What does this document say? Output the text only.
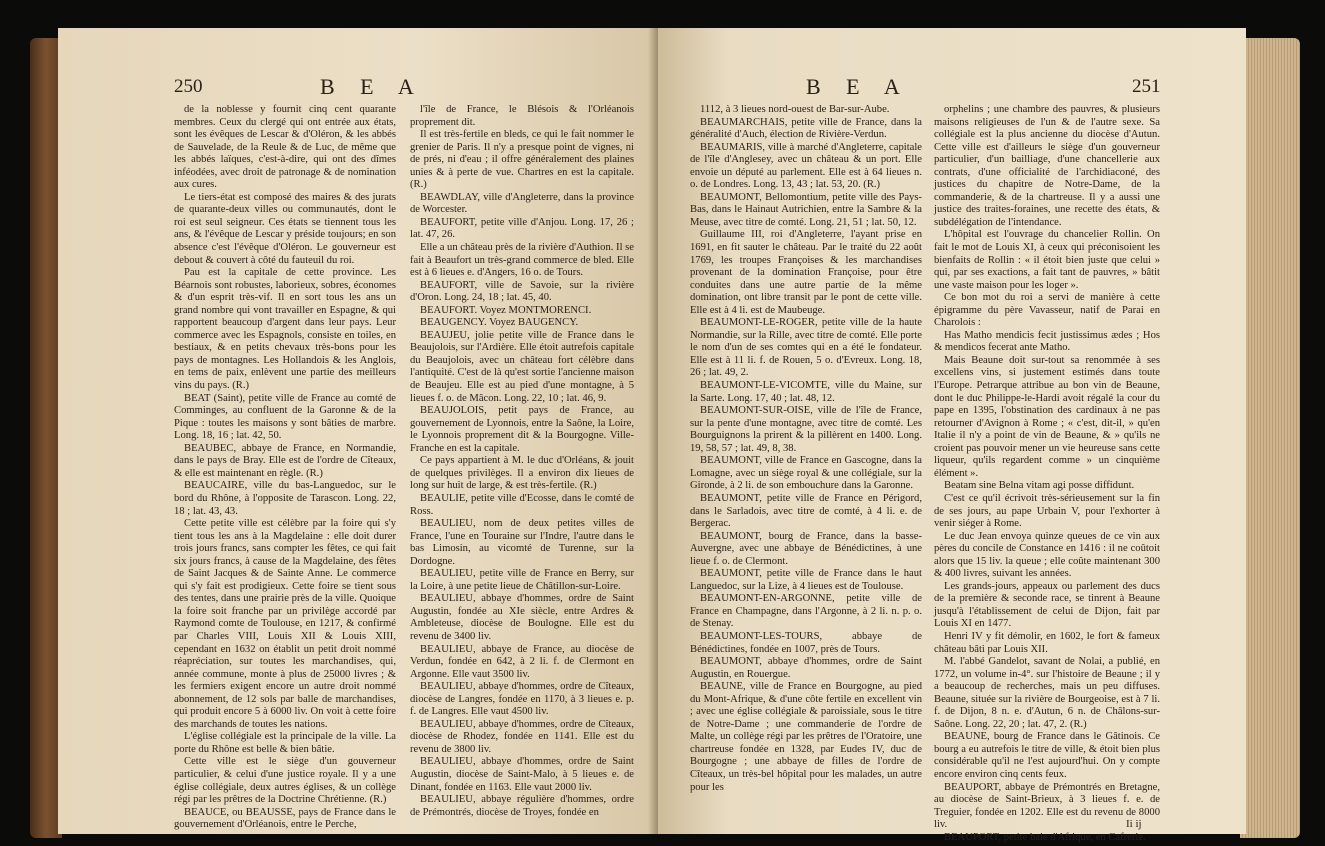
250	B E A

de la noblesse y fournit cinq cent quarante membres. Ceux du clergé qui ont entrée aux états, sont les évêques de Lescar & d'Oléron, & les abbés de Sauvelade, de la Reule & de Luc, de même que les abbés laïques, c'est-à-dire, qui ont des dîmes inféodées, avec droit de patronage & de nomination aux cures.

Le tiers-état est composé des maires & des jurats de quarante-deux villes ou communautés, dont le roi est seul seigneur. Ces états se tiennent tous les ans, & l'évêque de Lescar y préside toujours; en son absence c'est l'évêque d'Oléron. Le gouverneur est debout & couvert à côté du fauteuil du roi.

Pau est la capitale de cette province. Les Béarnois sont robustes, laborieux, sobres, économes & d'un esprit très-vif. Il en sort tous les ans un grand nombre qui vont travailler en Espagne, & qui rapportent beaucoup d'argent dans leur pays. Leur commerce avec les Espagnols, consiste en toiles, en bestiaux, & en petits chevaux très-bons pour les pays de montagnes. Les Hollandois & les Anglois, en tems de paix, enlèvent une partie des meilleurs vins du pays. (R.)

BEAT (Saint), petite ville de France au comté de Comminges, au confluent de la Garonne & de la Pique : toutes les maisons y sont bâties de marbre. Long. 18, 16 ; lat. 42, 50.

BEAUBEC, abbaye de France, en Normandie, dans le pays de Bray. Elle est de l'ordre de Cîteaux, & elle est maintenant en règle. (R.)

BEAUCAIRE, ville du bas-Languedoc, sur le bord du Rhône, à l'opposite de Tarascon. Long. 22, 18 ; lat. 43, 43.

Cette petite ville est célèbre par la foire qui s'y tient tous les ans à la Magdelaine : elle doit durer trois jours francs, sans compter les fêtes, ce qui fait six jours francs, à cause de la Magdelaine, des fêtes de Saint Jacques & de Sainte Anne. Le commerce qui s'y fait est prodigieux. Cette foire se tient sous des tentes, dans une prairie près de la ville. Quoique la foire soit franche par un privilège accordé par Raymond comte de Toulouse, en 1217, & confirmé par Charles VIII, Louis XII & Louis XIII, cependant en 1632 on établit un petit droit nommé réapréciation, sur toutes les marchandises, qui, année commune, monte à plus de 25000 livres ; & les fermiers exigent encore un autre droit nommé abonnement, de 12 sols par balle de marchandises, qui produit encore 5 à 6000 liv. On voit à cette foire des marchands de toutes les nations.

L'église collégiale est la principale de la ville. La porte du Rhône est belle & bien bâtie.

Cette ville est le siège d'un gouverneur particulier, & celui d'une justice royale. Il y a une église collégiale, deux autres églises, & un collège régi par les prêtres de la Doctrine Chrétienne. (R.)

BEAUCE, ou BEAUSSE, pays de France dans le gouvernement d'Orléanois, entre le Perche,

l'île de France, le Blésois & l'Orléanois proprement dit.

Il est très-fertile en bleds, ce qui le fait nommer le grenier de Paris. Il n'y a presque point de vignes, ni de prés, ni d'eau ; il offre généralement des plaines unies & à perte de vue. Chartres en est la capitale. (R.)

BEAWDLAY, ville d'Angleterre, dans la province de Worcester.

BEAUFORT, petite ville d'Anjou. Long. 17, 26 ; lat. 47, 26.

Elle a un château près de la rivière d'Authion. Il se fait à Beaufort un très-grand commerce de bled. Elle est à 6 lieues e. d'Angers, 16 o. de Tours.

BEAUFORT, ville de Savoie, sur la rivière d'Oron. Long. 24, 18 ; lat. 45, 40.

BEAUFORT. Voyez MONTMORENCI.

BEAUGENCY. Voyez BAUGENCY.

BEAUJEU, jolie petite ville de France dans le Beaujolois, sur l'Ardière. Elle étoit autrefois capitale du Beaujolois, avec un château fort célèbre dans l'antiquité. C'est de là qu'est sortie l'ancienne maison de Beaujeu. Elle est au pied d'une montagne, à 5 lieues f. o. de Mâcon. Long. 22, 10 ; lat. 46, 9.

BEAUJOLOIS, petit pays de France, au gouvernement de Lyonnois, entre la Saône, la Loire, le Lyonnois proprement dit & la Bourgogne. Ville-Franche en est la capitale.

Ce pays appartient à M. le duc d'Orléans, & jouit de quelques privilèges. Il a environ dix lieues de long sur huit de large, & est très-fertile. (R.)

BEAULIE, petite ville d'Ecosse, dans le comté de Ross.

BEAULIEU, nom de deux petites villes de France, l'une en Touraine sur l'Indre, l'autre dans le bas Limosin, au vicomté de Turenne, sur la Dordogne.

BEAULIEU, petite ville de France en Berry, sur la Loire, à une petite lieue de Châtillon-sur-Loire.

BEAULIEU, abbaye d'hommes, ordre de Saint Augustin, fondée au XIe siècle, entre Ardres & Ambleteuse, diocèse de Boulogne. Elle est du revenu de 3400 liv.

BEAULIEU, abbaye de France, au diocèse de Verdun, fondée en 642, à 2 li. f. de Clermont en Argonne. Elle vaut 3500 liv.

BEAULIEU, abbaye d'hommes, ordre de Cîteaux, diocèse de Langres, fondée en 1170, à 3 lieues e. p. f. de Langres. Elle vaut 4500 liv.

BEAULIEU, abbaye d'hommes, ordre de Cîteaux, diocèse de Rhodez, fondée en 1141. Elle est du revenu de 3800 liv.

BEAULIEU, abbaye d'hommes, ordre de Saint Augustin, diocèse de Saint-Malo, à 5 lieues e. de Dinant, fondée en 1163. Elle vaut 2000 liv.

BEAULIEU, abbaye régulière d'hommes, ordre de Prémontrés, diocèse de Troyes, fondée en

B E A	251

1112, à 3 lieues nord-ouest de Bar-sur-Aube.

BEAUMARCHAIS, petite ville de France, dans la généralité d'Auch, élection de Rivière-Verdun.

BEAUMARIS, ville à marché d'Angleterre, capitale de l'île d'Anglesey, avec un château & un port. Elle envoie un député au parlement. Elle est à 64 lieues n. o. de Londres. Long. 13, 43 ; lat. 53, 20. (R.)

BEAUMONT, Bellomontium, petite ville des Pays-Bas, dans le Hainaut Autrichien, entre la Sambre & la Meuse, avec titre de comté. Long. 21, 51 ; lat. 50, 12.

Guillaume III, roi d'Angleterre, l'ayant prise en 1691, en fit sauter le château. Par le traité du 22 août 1769, les troupes Françoises & les marchandises provenant de la domination Françoise, pour être conduites dans une autre partie de la même domination, ont libre transit par le pont de cette ville. Elle est à 4 li. est de Maubeuge.

BEAUMONT-LE-ROGER, petite ville de la haute Normandie, sur la Rille, avec titre de comté. Elle porte le nom d'un de ses comtes qui en a été le fondateur. Elle est à 11 li. f. de Rouen, 5 o. d'Evreux. Long. 18, 26 ; lat. 49, 2.

BEAUMONT-LE-VICOMTE, ville du Maine, sur la Sarte. Long. 17, 40 ; lat. 48, 12.

BEAUMONT-SUR-OISE, ville de l'île de France, sur la pente d'une montagne, avec titre de comté. Les Bourguignons la prirent & la pillèrent en 1400. Long. 19, 58, 57 ; lat. 49, 8, 38.

BEAUMONT, ville de France en Gascogne, dans la Lomagne, avec un siège royal & une collégiale, sur la Gironde, à 2 li. de son embouchure dans la Garonne.

BEAUMONT, petite ville de France en Périgord, dans le Sarladois, avec titre de comté, à 4 li. e. de Bergerac.

BEAUMONT, bourg de France, dans la basse-Auvergne, avec une abbaye de Bénédictines, à une lieue f. o. de Clermont.

BEAUMONT, petite ville de France dans le haut Languedoc, sur la Lize, à 4 lieues est de Toulouse.

BEAUMONT-EN-ARGONNE, petite ville de France en Champagne, dans l'Argonne, à 2 li. n. p. o. de Stenay.

BEAUMONT-LES-TOURS, abbaye de Bénédictines, fondée en 1007, près de Tours.

BEAUMONT, abbaye d'hommes, ordre de Saint Augustin, en Rouergue.

BEAUNE, ville de France en Bourgogne, au pied du Mont-Afrique, & d'une côte fertile en excellent vin ; avec une église collégiale & paroissiale, sous le titre de Notre-Dame ; une commanderie de l'ordre de Malte, un collège régi par les prêtres de l'Oratoire, une chartreuse fondée en 1328, par Eudes IV, duc de Bourgogne ; une abbaye de filles de l'ordre de Cîteaux, un très-bel hôpital pour les malades, un autre pour les

orphelins ; une chambre des pauvres, & plusieurs maisons religieuses de l'un & de l'autre sexe. Sa collégiale est la plus ancienne du diocèse d'Autun. Cette ville est d'ailleurs le siège d'un gouverneur particulier, d'un bailliage, d'une chancellerie aux contrats, d'une officialité de l'archidiaconé, des justices du chapitre de Notre-Dame, de la commanderie, & de la chartreuse. Il y a aussi une justice des traites-foraines, une recette des états, & subdélégation de l'intendance.

L'hôpital est l'ouvrage du chancelier Rollin. On fait le mot de Louis XI, à ceux qui préconisoient les bienfaits de Rollin : « il étoit bien juste que celui » qui, par ses exactions, a fait tant de pauvres, » bâtit une vaste maison pour les loger ».

Ce bon mot du roi a servi de manière à cette épigramme du père Vavasseur, natif de Parai en Charolois :

Has Matho mendicis fecit justissimus ædes ; Hos & mendicos fecerat ante Matho.

Mais Beaune doit sur-tout sa renommée à ses excellens vins, si justement estimés dans toute l'Europe. Petrarque attribue au bon vin de Beaune, dont le duc Philippe-le-Hardi avoit régalé la cour du pape en 1395, l'obstination des cardinaux à ne pas retourner d'Avignon à Rome ; « c'est, dit-il, » qu'en Italie il n'y a point de vin de Beaune, & » qu'ils ne croient pas pouvoir mener un vie heureuse sans cette liqueur, qu'ils regardent comme » un cinquième élément ».

Beatam sine Belna vitam agi posse diffidunt.

C'est ce qu'il écrivoit très-sérieusement sur la fin de ses jours, au pape Urbain V, pour l'exhorter à venir siéger à Rome.

Le duc Jean envoya quinze queues de ce vin aux pères du concile de Constance en 1416 : il ne coûtoit alors que 15 liv. la queue ; elle coûte maintenant 300 & 400 livres, suivant les années.

Les grands-jours, appeaux ou parlement des ducs de la première & seconde race, se tinrent à Beaune jusqu'à l'établissement de celui de Dijon, fait par Louis XI en 1477.

Henri IV y fit démolir, en 1602, le fort & fameux château bâti par Louis XII.

M. l'abbé Gandelot, savant de Nolai, a publié, en 1772, un volume in-4°. sur l'histoire de Beaune ; il y a beaucoup de recherches, mais un peu diffuses. Beaune, située sur la rivière de Bourgeoise, est à 7 li. f. de Dijon, 8 n. e. d'Autun, 6 n. de Châlons-sur-Saône. Long. 22, 20 ; lat. 47, 2. (R.)

BEAUNE, bourg de France dans le Gâtinois. Ce bourg a eu autrefois le titre de ville, & étoit bien plus considérable qu'il ne l'est aujourd'hui. On y compte encore environ cinq cents feux.

BEAUPORT, abbaye de Prémontrés en Bretagne, au diocèse de Saint-Brieux, à 3 lieues f. e. de Treguier, fondée en 1202. Elle est du revenu de 8000 liv.

BEAUPORT, petite baie d'Afrique, en Cafrerie.

Ii ij
